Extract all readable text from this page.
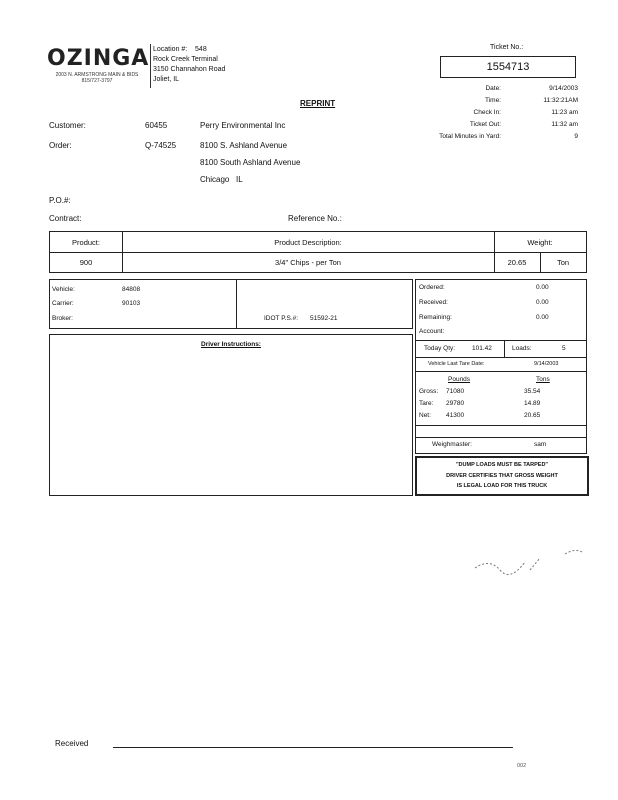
OZINGA
2003 N. ARMSTRONG MAIN & BIDS
815/727-3797
Location #: 548
Rock Creek Terminal
3150 Channahon Road
Joliet, IL
Ticket No.:
1554713
Date:	9/14/2003
Time:	11:32:21AM
Check In:	11:23 am
Ticket Out:	11:32 am
Total Minutes in Yard:	9
REPRINT
Customer:	60455	Perry Environmental Inc
Order:	Q-74525	8100 S. Ashland Avenue
8100 South Ashland Avenue
Chicago IL
P.O.#:
Contract:	Reference No.:
Product:	Product Description:	Weight:
900	3/4" Chips - per Ton	20.65	Ton
Vehicle:	84808
Carrier:	90103
Broker:	IDOT P.S.#: 51592-21
Driver Instructions:
Ordered:	0.00
Received:	0.00
Remaining:	0.00
Account:
Today Qty:	101.42	Loads:	5
Vehicle Last Tare Date:	9/14/2003
Pounds	Tons
Gross: 71080	35.54
Tare: 29780	14.89
Net: 41300	20.65
Weighmaster:	sam
"DUMP LOADS MUST BE TARPED"
DRIVER CERTIFIES THAT GROSS WEIGHT
IS LEGAL LOAD FOR THIS TRUCK
Received
002
